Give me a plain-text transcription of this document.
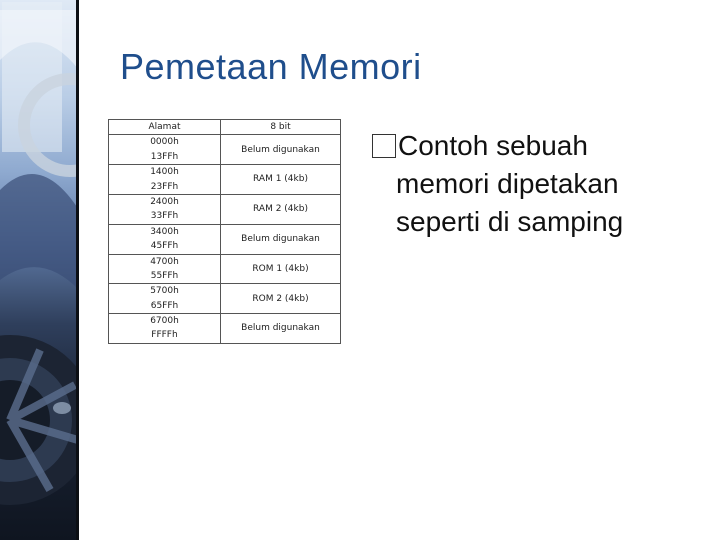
Pemetaan Memori
Alamat	8 bit

0000h
13FFh	Belum digunakan

1400h
23FFh	RAM 1 (4kb)

2400h
33FFh	RAM 2 (4kb)

3400h
45FFh	Belum digunakan

4700h
55FFh	ROM 1 (4kb)

5700h
65FFh	ROM 2 (4kb)

6700h
FFFFh	Belum digunakan
Contoh sebuah
memori dipetakan
seperti di samping
